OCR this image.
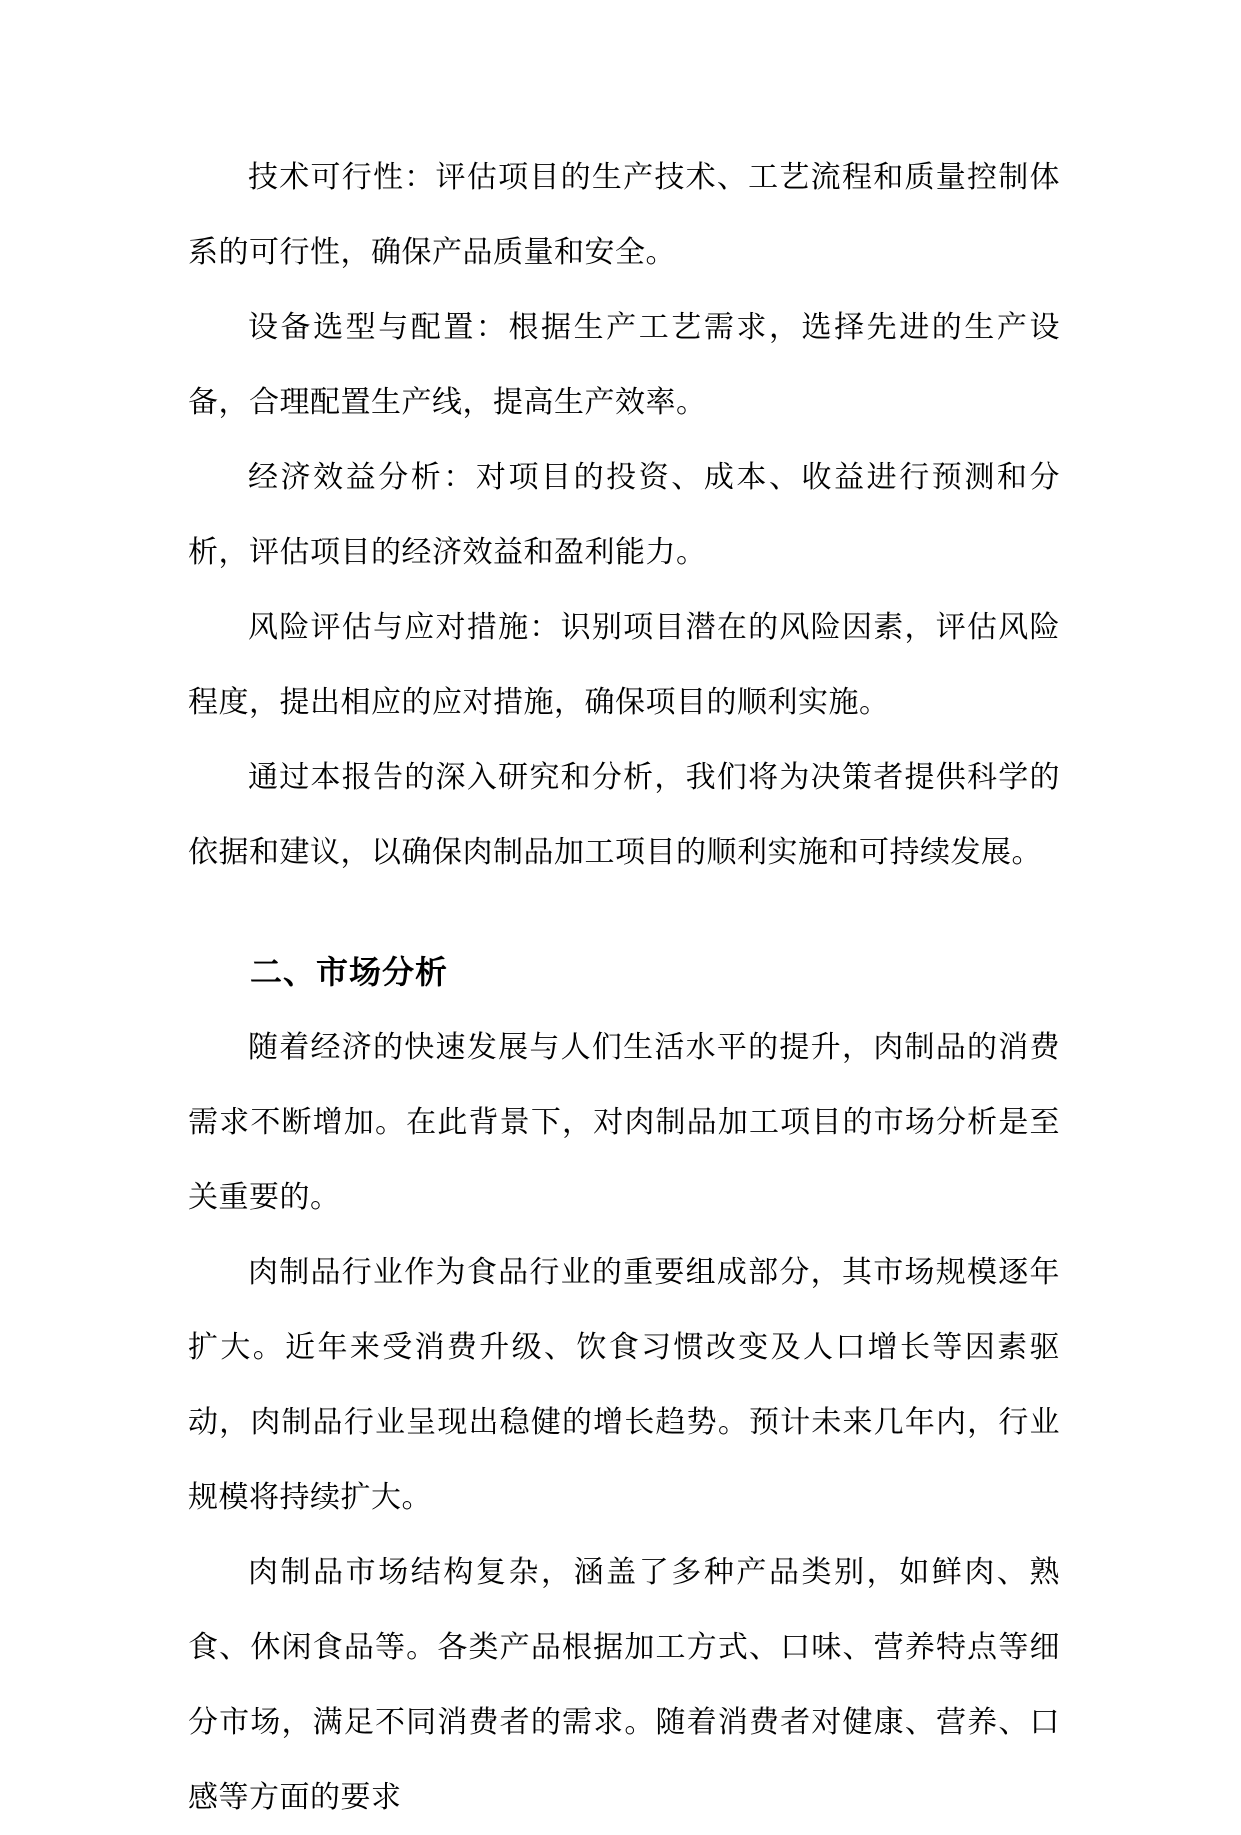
技术可行性：评估项目的生产技术、工艺流程和质量控制体系的可行性，确保产品质量和安全。

设备选型与配置：根据生产工艺需求，选择先进的生产设备，合理配置生产线，提高生产效率。

经济效益分析：对项目的投资、成本、收益进行预测和分析，评估项目的经济效益和盈利能力。

风险评估与应对措施：识别项目潜在的风险因素，评估风险程度，提出相应的应对措施，确保项目的顺利实施。

通过本报告的深入研究和分析，我们将为决策者提供科学的依据和建议，以确保肉制品加工项目的顺利实施和可持续发展。

二、市场分析

随着经济的快速发展与人们生活水平的提升，肉制品的消费需求不断增加。在此背景下，对肉制品加工项目的市场分析是至关重要的。

肉制品行业作为食品行业的重要组成部分，其市场规模逐年扩大。近年来受消费升级、饮食习惯改变及人口增长等因素驱动，肉制品行业呈现出稳健的增长趋势。预计未来几年内，行业规模将持续扩大。

肉制品市场结构复杂，涵盖了多种产品类别，如鲜肉、熟食、休闲食品等。各类产品根据加工方式、口味、营养特点等细分市场，满足不同消费者的需求。随着消费者对健康、营养、口感等方面的要求
